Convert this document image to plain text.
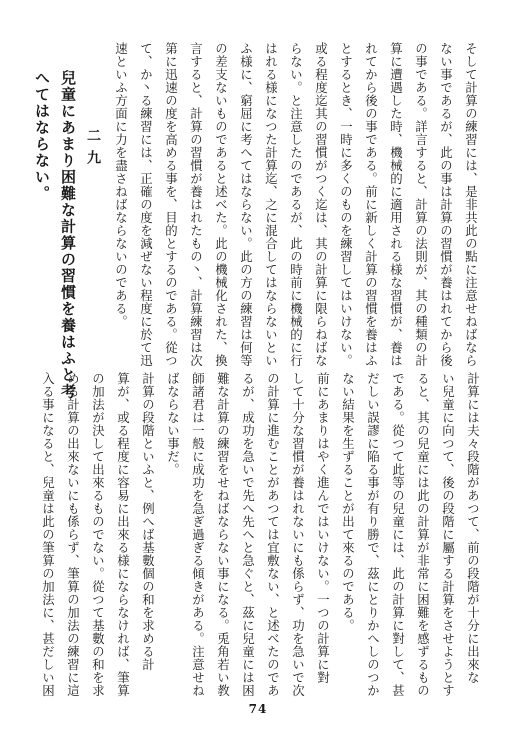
そして計算の練習には、是非共此の點に注意せねばなら
ない事であるが、此の事は計算の習慣が養はれてから後
の事である。詳言すると、計算の法則が、其の種類の計
算に遭遇した時、機械的に適用される様な習慣が、養は
れてから後の事である。前に新しく計算の習慣を養はふ
とするとき、一時に多くのものを練習してはいけない。
或る程度迄其の習慣がつく迄は、其の計算に限らねばな
らない。と注意したのであるが、此の時前に機械的に行
はれる様になつた計算迄、之に混合してはならないとい
ふ様に、窮屈に考へてはならない。此の方の練習は何等
の差支ないものであると述べた。此の機械化された、換
言すると、計算の習慣が養はれたもの丶、計算練習は次
第に迅速の度を高める事を、目的とするのである。從つ
て、か丶る練習には、正確の度を減ぜない程度に於て迅
速といふ方面に力を盡さねばならないのである。
二九
兒童にあまり困難な計算の習慣を養はふと考
へてはならない。
計算には夫々段階があつて、前の段階が十分に出來な
い兒童に向つて、後の段階に屬する計算をさせようとす
ると、其の兒童には此の計算が非常に困難を感ずるもの
である。從つて此等の兒童には、此の計算に對して、甚
だしい誤謬に陥る事が有り勝で、茲にとりかへしのつか
ない結果を生ずることが出て來るのである。
前にあまりはやく進んではいけない。一つの計算に對
して十分な習慣が養はれないにも係らず、功を急いで次
の計算に進むことがあつては宜敷ない、と述べたのであ
るが、成功を急いで先へ先へと急ぐと、茲に兒童には困
難な計算の練習をせねばならない事になる。兎角若い教
師諸君は一般に成功を急ぎ過ぎる傾きがある。注意せね
ばならない事だ。
計算の段階といふと、例へば基數個の和を求める計
算が、或る程度に容易に出來る様にならなければ、筆算
の加法が決して出來るものでない。從つて基數の和を求
める計算の出來ないにも係らず、筆算の加法の練習に這
入る事になると、兒童は此の筆算の加法に、甚だしい困
74
